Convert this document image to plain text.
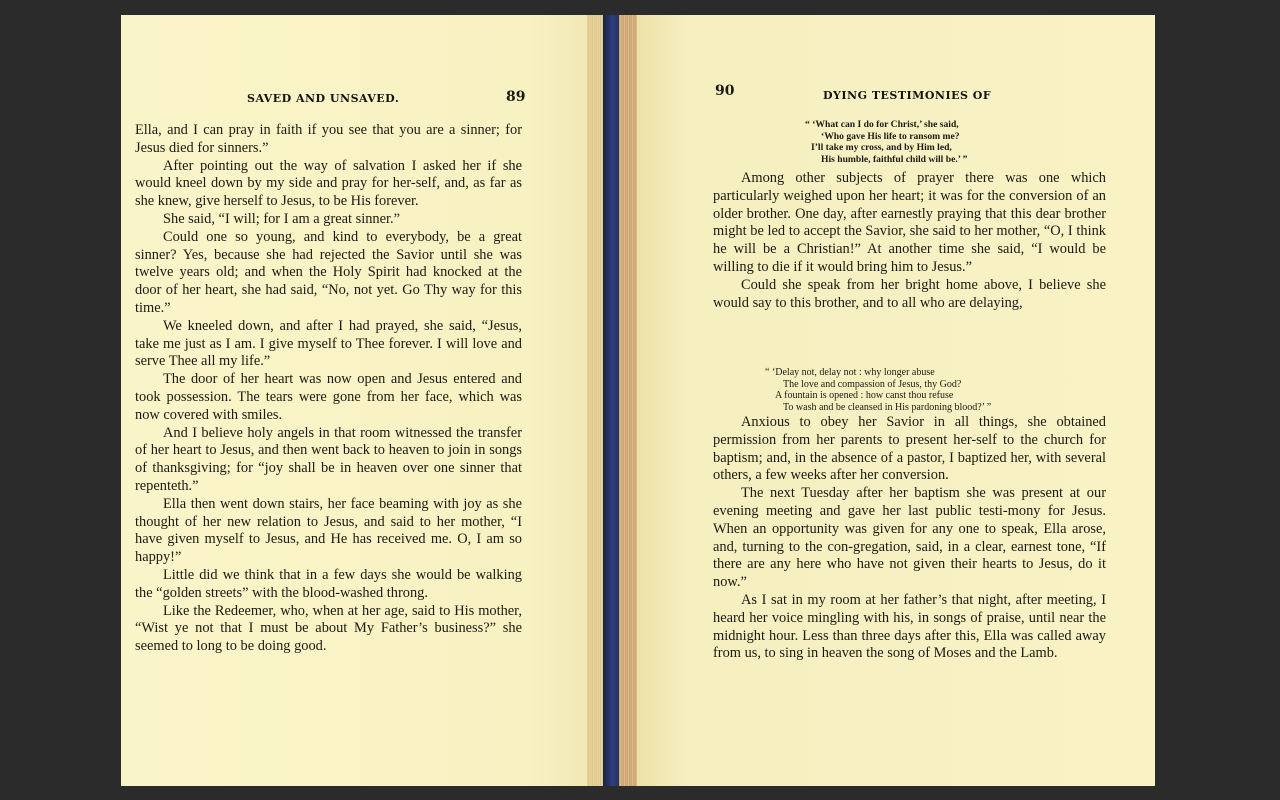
SAVED AND UNSAVED.	89

Ella, and I can pray in faith if you see that you are a sinner; for Jesus died for sinners.”

After pointing out the way of salvation I asked her if she would kneel down by my side and pray for her-self, and, as far as she knew, give herself to Jesus, to be His forever.

She said, “I will; for I am a great sinner.”

Could one so young, and kind to everybody, be a great sinner? Yes, because she had rejected the Savior until she was twelve years old; and when the Holy Spirit had knocked at the door of her heart, she had said, “No, not yet. Go Thy way for this time.”

We kneeled down, and after I had prayed, she said, “Jesus, take me just as I am. I give myself to Thee forever. I will love and serve Thee all my life.”

The door of her heart was now open and Jesus entered and took possession. The tears were gone from her face, which was now covered with smiles.

And I believe holy angels in that room witnessed the transfer of her heart to Jesus, and then went back to heaven to join in songs of thanksgiving; for “joy shall be in heaven over one sinner that repenteth.”

Ella then went down stairs, her face beaming with joy as she thought of her new relation to Jesus, and said to her mother, “I have given myself to Jesus, and He has received me. O, I am so happy!”

Little did we think that in a few days she would be walking the “golden streets” with the blood-washed throng.

Like the Redeemer, who, when at her age, said to His mother, “Wist ye not that I must be about My Father’s business?” she seemed to long to be doing good.

90	DYING TESTIMONIES OF
“ ‘What can I do for Christ,’ she said,
‘Who gave His life to ransom me?
I’ll take my cross, and by Him led,
His humble, faithful child will be.’ ”

Among other subjects of prayer there was one which particularly weighed upon her heart; it was for the conversion of an older brother. One day, after earnestly praying that this dear brother might be led to accept the Savior, she said to her mother, “O, I think he will be a Christian!” At another time she said, “I would be willing to die if it would bring him to Jesus.”

Could she speak from her bright home above, I believe she would say to this brother, and to all who are delaying,

“ ‘Delay not, delay not : why longer abuse
The love and compassion of Jesus, thy God?
A fountain is opened : how canst thou refuse
To wash and be cleansed in His pardoning blood?’ ”

Anxious to obey her Savior in all things, she obtained permission from her parents to present her-self to the church for baptism; and, in the absence of a pastor, I baptized her, with several others, a few weeks after her conversion.

The next Tuesday after her baptism she was present at our evening meeting and gave her last public testi-mony for Jesus. When an opportunity was given for any one to speak, Ella arose, and, turning to the con-gregation, said, in a clear, earnest tone, “If there are any here who have not given their hearts to Jesus, do it now.”

As I sat in my room at her father’s that night, after meeting, I heard her voice mingling with his, in songs of praise, until near the midnight hour. Less than three days after this, Ella was called away from us, to sing in heaven the song of Moses and the Lamb.
